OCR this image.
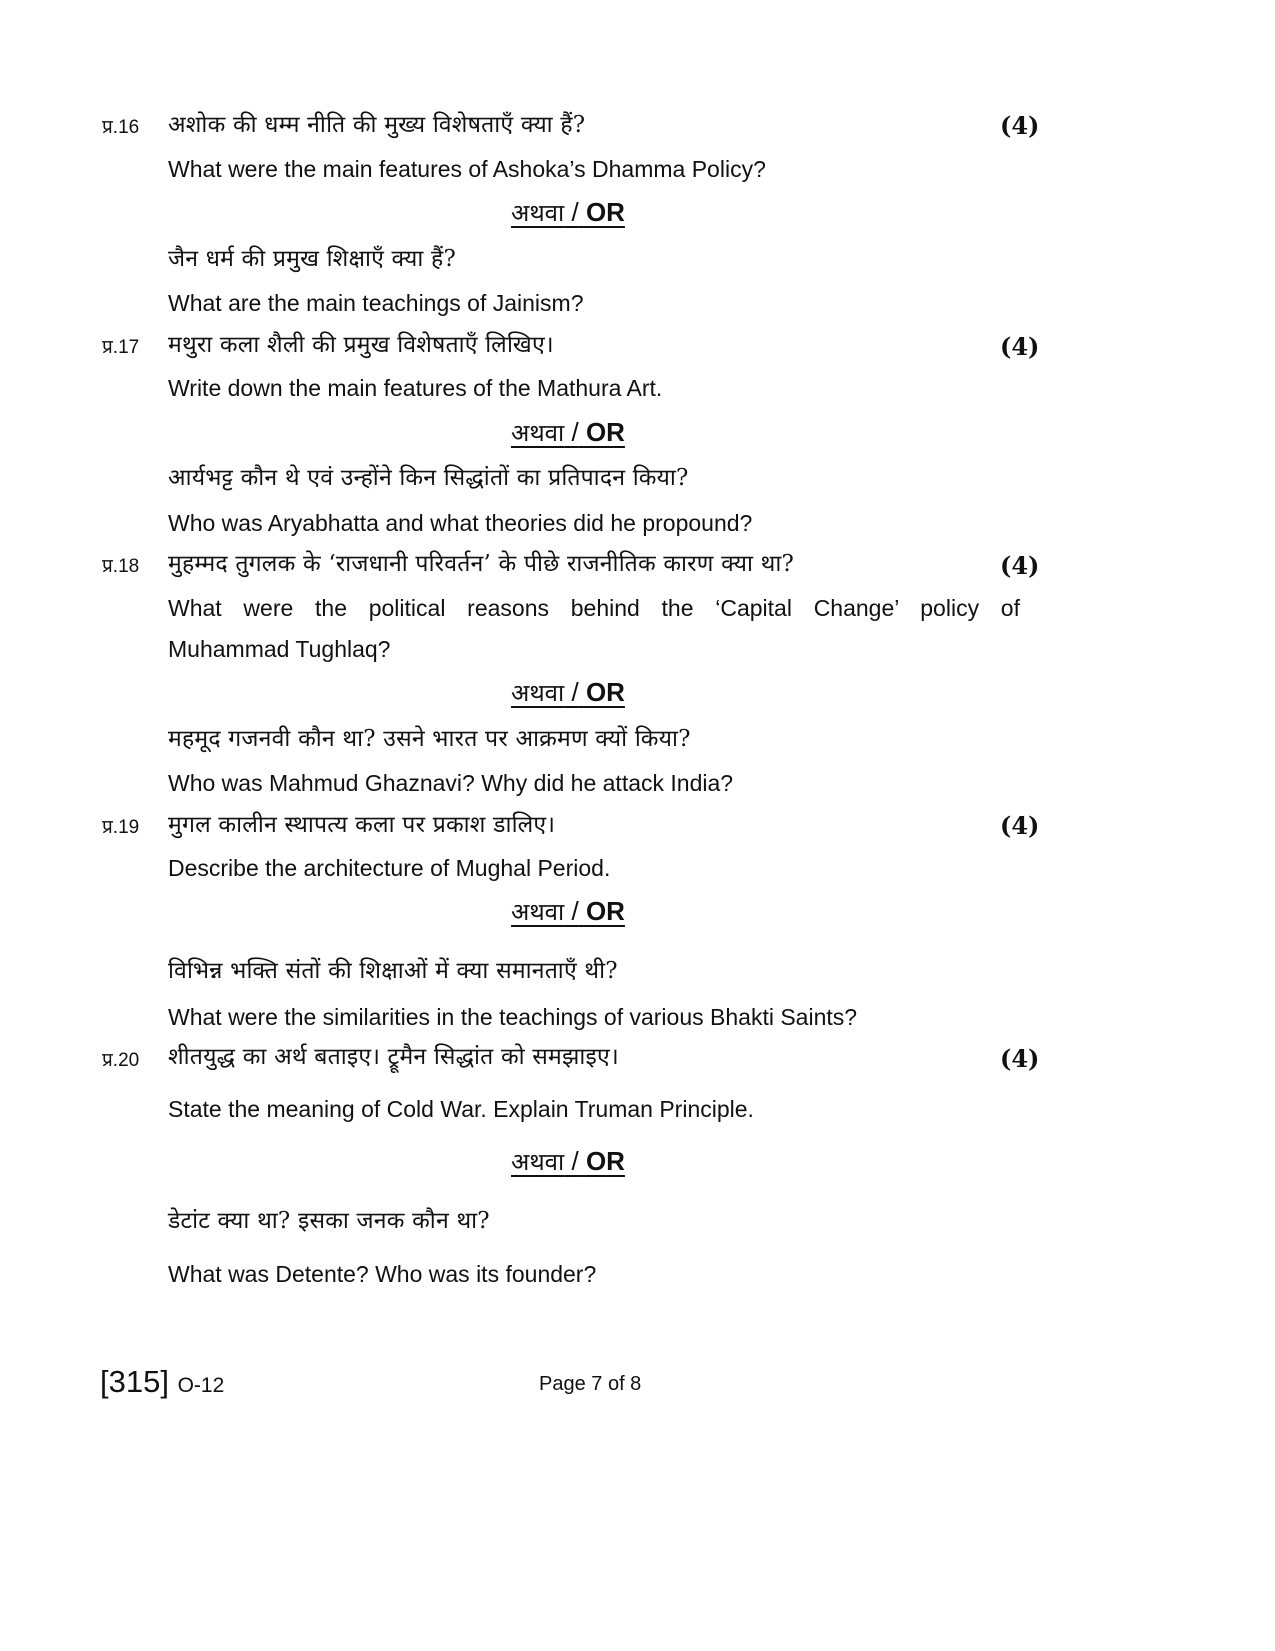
प्र.16 अशोक की धम्म नीति की मुख्य विशेषताएँ क्या हैं?	(4)
What were the main features of Ashoka’s Dhamma Policy?
अथवा / OR
जैन धर्म की प्रमुख शिक्षाएँ क्या हैं?
What are the main teachings of Jainism?
प्र.17 मथुरा कला शैली की प्रमुख विशेषताएँ लिखिए।	(4)
Write down the main features of the Mathura Art.
अथवा / OR
आर्यभट्ट कौन थे एवं उन्होंने किन सिद्धांतों का प्रतिपादन किया?
Who was Aryabhatta and what theories did he propound?
प्र.18 मुहम्मद तुगलक के ‘राजधानी परिवर्तन’ के पीछे राजनीतिक कारण क्या था?	(4)
What were the political reasons behind the ‘Capital Change’ policy of
Muhammad Tughlaq?
अथवा / OR
महमूद गजनवी कौन था? उसने भारत पर आक्रमण क्यों किया?
Who was Mahmud Ghaznavi? Why did he attack India?
प्र.19 मुगल कालीन स्थापत्य कला पर प्रकाश डालिए।	(4)
Describe the architecture of Mughal Period.
अथवा / OR
विभिन्न भक्ति संतों की शिक्षाओं में क्या समानताएँ थी?
What were the similarities in the teachings of various Bhakti Saints?
प्र.20 शीतयुद्ध का अर्थ बताइए। ट्रूमैन सिद्धांत को समझाइए।	(4)
State the meaning of Cold War. Explain Truman Principle.
अथवा / OR
डेटांट क्या था? इसका जनक कौन था?
What was Detente? Who was its founder?
[315] O-12	Page 7 of 8
